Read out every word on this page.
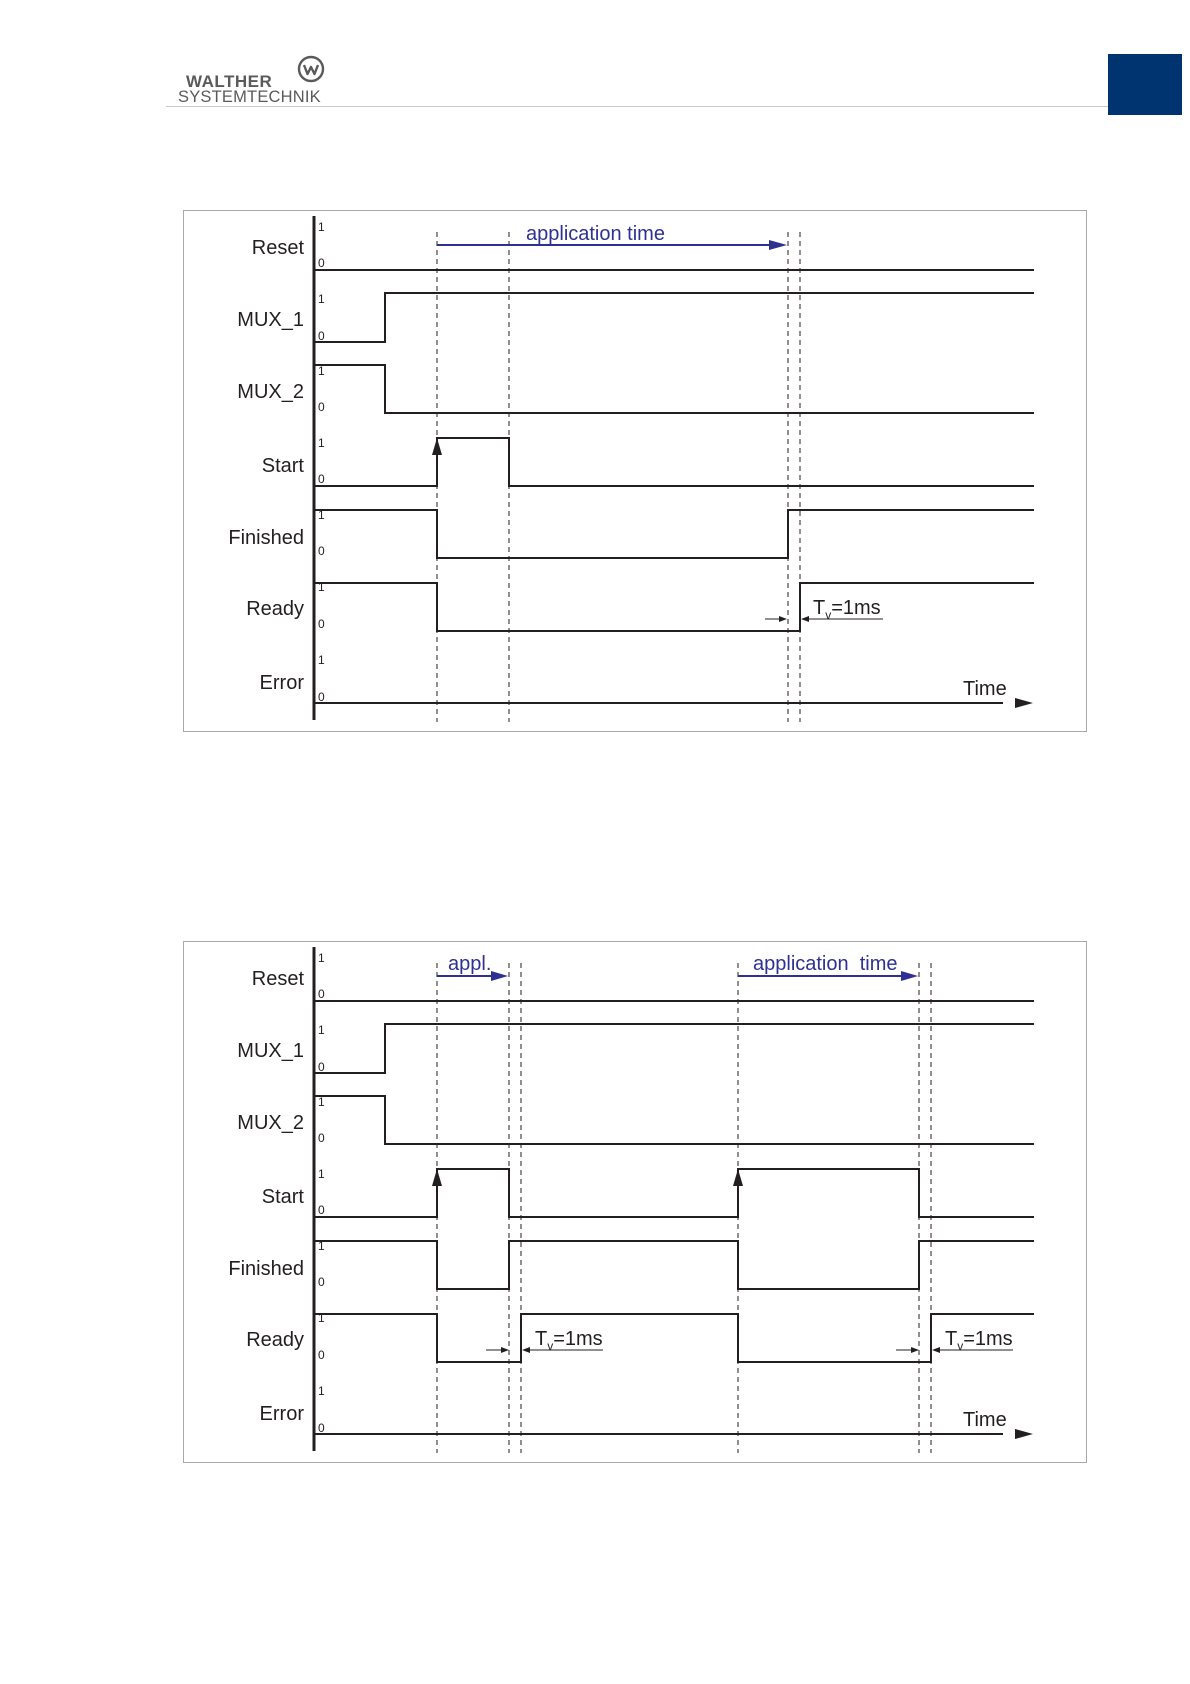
WALTHER
SYSTEMTECHNIK
Reset
MUX_1
MUX_2
Start
Finished
Ready
Error
1
0
1
0
1
0
1
0
1
0
1
0
1
0
application time
Time
$T_v=1ms$
Reset
MUX_1
MUX_2
Start
Finished
Ready
Error
1
0
1
0
1
0
1
0
1
0
1
0
1
0
appl.	application  time
Time
$T_v=1ms$	$T_v=1ms$
